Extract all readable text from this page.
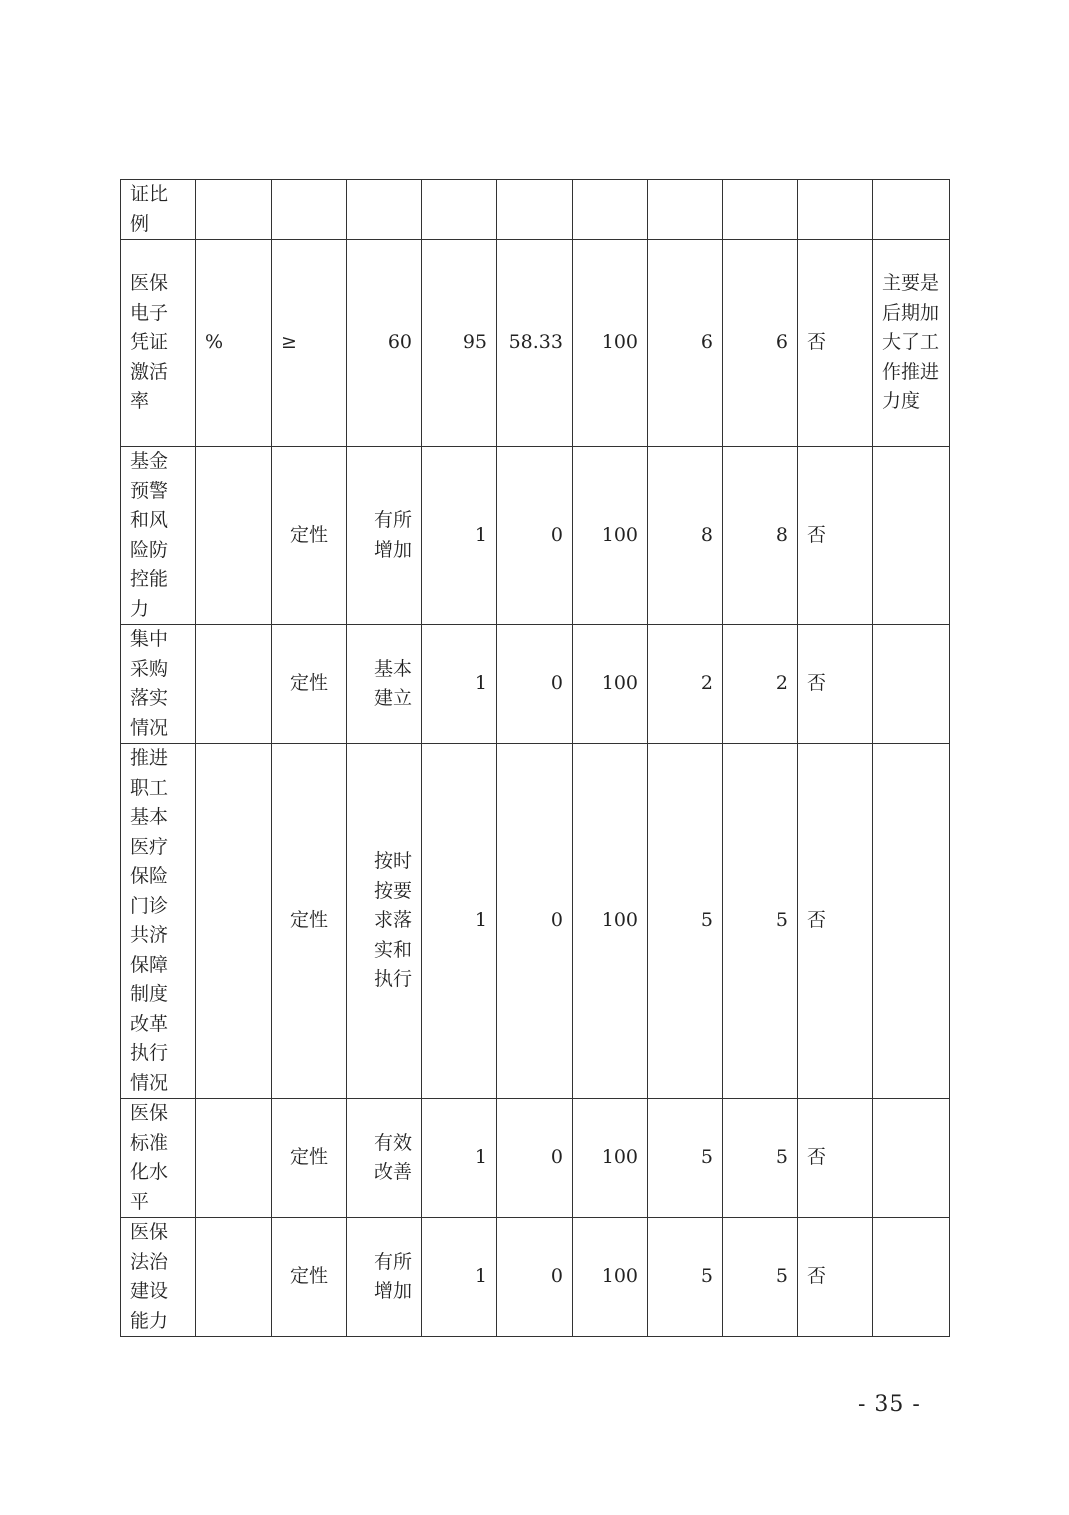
证比例										
医保电子凭证激活率	%	≥	60	95	58.33	100	6	6	否	主要是后期加大了工作推进力度
基金预警和风险防控能力		定性	有所增加	1	0	100	8	8	否	
集中采购落实情况		定性	基本建立	1	0	100	2	2	否	
推进职工基本医疗保险门诊共济保障制度改革执行情况		定性	按时按要求落实和执行	1	0	100	5	5	否	
医保标准化水平		定性	有效改善	1	0	100	5	5	否	
医保法治建设能力		定性	有所增加	1	0	100	5	5	否	
- 35 -
